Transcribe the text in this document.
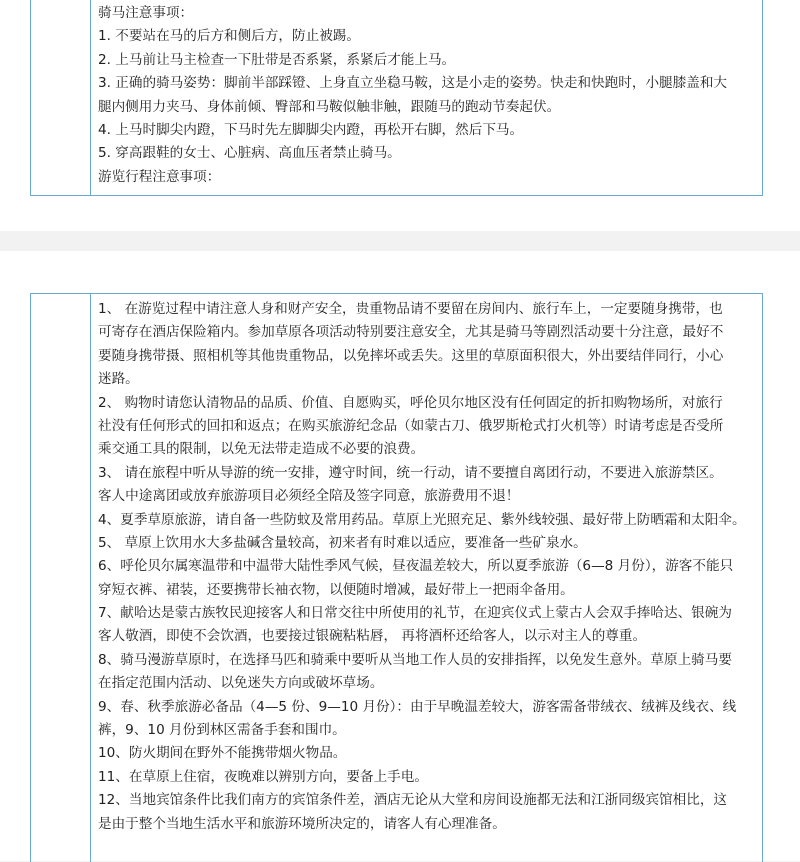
骑马注意事项：
1. 不要站在马的后方和侧后方，防止被踢。
2. 上马前让马主检查一下肚带是否系紧，系紧后才能上马。
3. 正确的骑马姿势：脚前半部踩镫、上身直立坐稳马鞍，这是小走的姿势。快走和快跑时，小腿膝盖和大
腿内侧用力夹马、身体前倾、臀部和马鞍似触非触，跟随马的跑动节奏起伏。
4. 上马时脚尖内蹬，下马时先左脚脚尖内蹬，再松开右脚，然后下马。
5. 穿高跟鞋的女士、心脏病、高血压者禁止骑马。
游览行程注意事项：
1、 在游览过程中请注意人身和财产安全，贵重物品请不要留在房间内、旅行车上，一定要随身携带，也
可寄存在酒店保险箱内。参加草原各项活动特别要注意安全，尤其是骑马等剧烈活动要十分注意，最好不
要随身携带摄、照相机等其他贵重物品，以免摔坏或丢失。这里的草原面积很大，外出要结伴同行，小心
迷路。
2、 购物时请您认清物品的品质、价值、自愿购买，呼伦贝尔地区没有任何固定的折扣购物场所，对旅行
社没有任何形式的回扣和返点；在购买旅游纪念品（如蒙古刀、俄罗斯枪式打火机等）时请考虑是否受所
乘交通工具的限制，以免无法带走造成不必要的浪费。
3、 请在旅程中听从导游的统一安排，遵守时间，统一行动，请不要擅自离团行动，不要进入旅游禁区。
客人中途离团或放弃旅游项目必须经全陪及签字同意，旅游费用不退！
4、夏季草原旅游，请自备一些防蚊及常用药品。草原上光照充足、紫外线较强、最好带上防晒霜和太阳伞。
5、 草原上饮用水大多盐碱含量较高，初来者有时难以适应，要准备一些矿泉水。
6、呼伦贝尔属寒温带和中温带大陆性季风气候，昼夜温差较大，所以夏季旅游（6—8 月份），游客不能只
穿短衣裤、裙装，还要携带长袖衣物，以便随时增减，最好带上一把雨伞备用。
7、献哈达是蒙古族牧民迎接客人和日常交往中所使用的礼节，在迎宾仪式上蒙古人会双手捧哈达、银碗为
客人敬酒，即使不会饮酒，也要接过银碗粘粘唇， 再将酒杯还给客人，以示对主人的尊重。
8、骑马漫游草原时，在选择马匹和骑乘中要听从当地工作人员的安排指挥，以免发生意外。草原上骑马要
在指定范围内活动、以免迷失方向或破坏草场。
9、春、秋季旅游必备品（4—5 份、9—10 月份）：由于早晚温差较大，游客需备带绒衣、绒裤及线衣、线
裤，9、10 月份到林区需备手套和围巾。
10、防火期间在野外不能携带烟火物品。
11、在草原上住宿，夜晚难以辨别方向，要备上手电。
12、当地宾馆条件比我们南方的宾馆条件差，酒店无论从大堂和房间设施都无法和江浙同级宾馆相比，这
是由于整个当地生活水平和旅游环境所决定的，请客人有心理准备。
